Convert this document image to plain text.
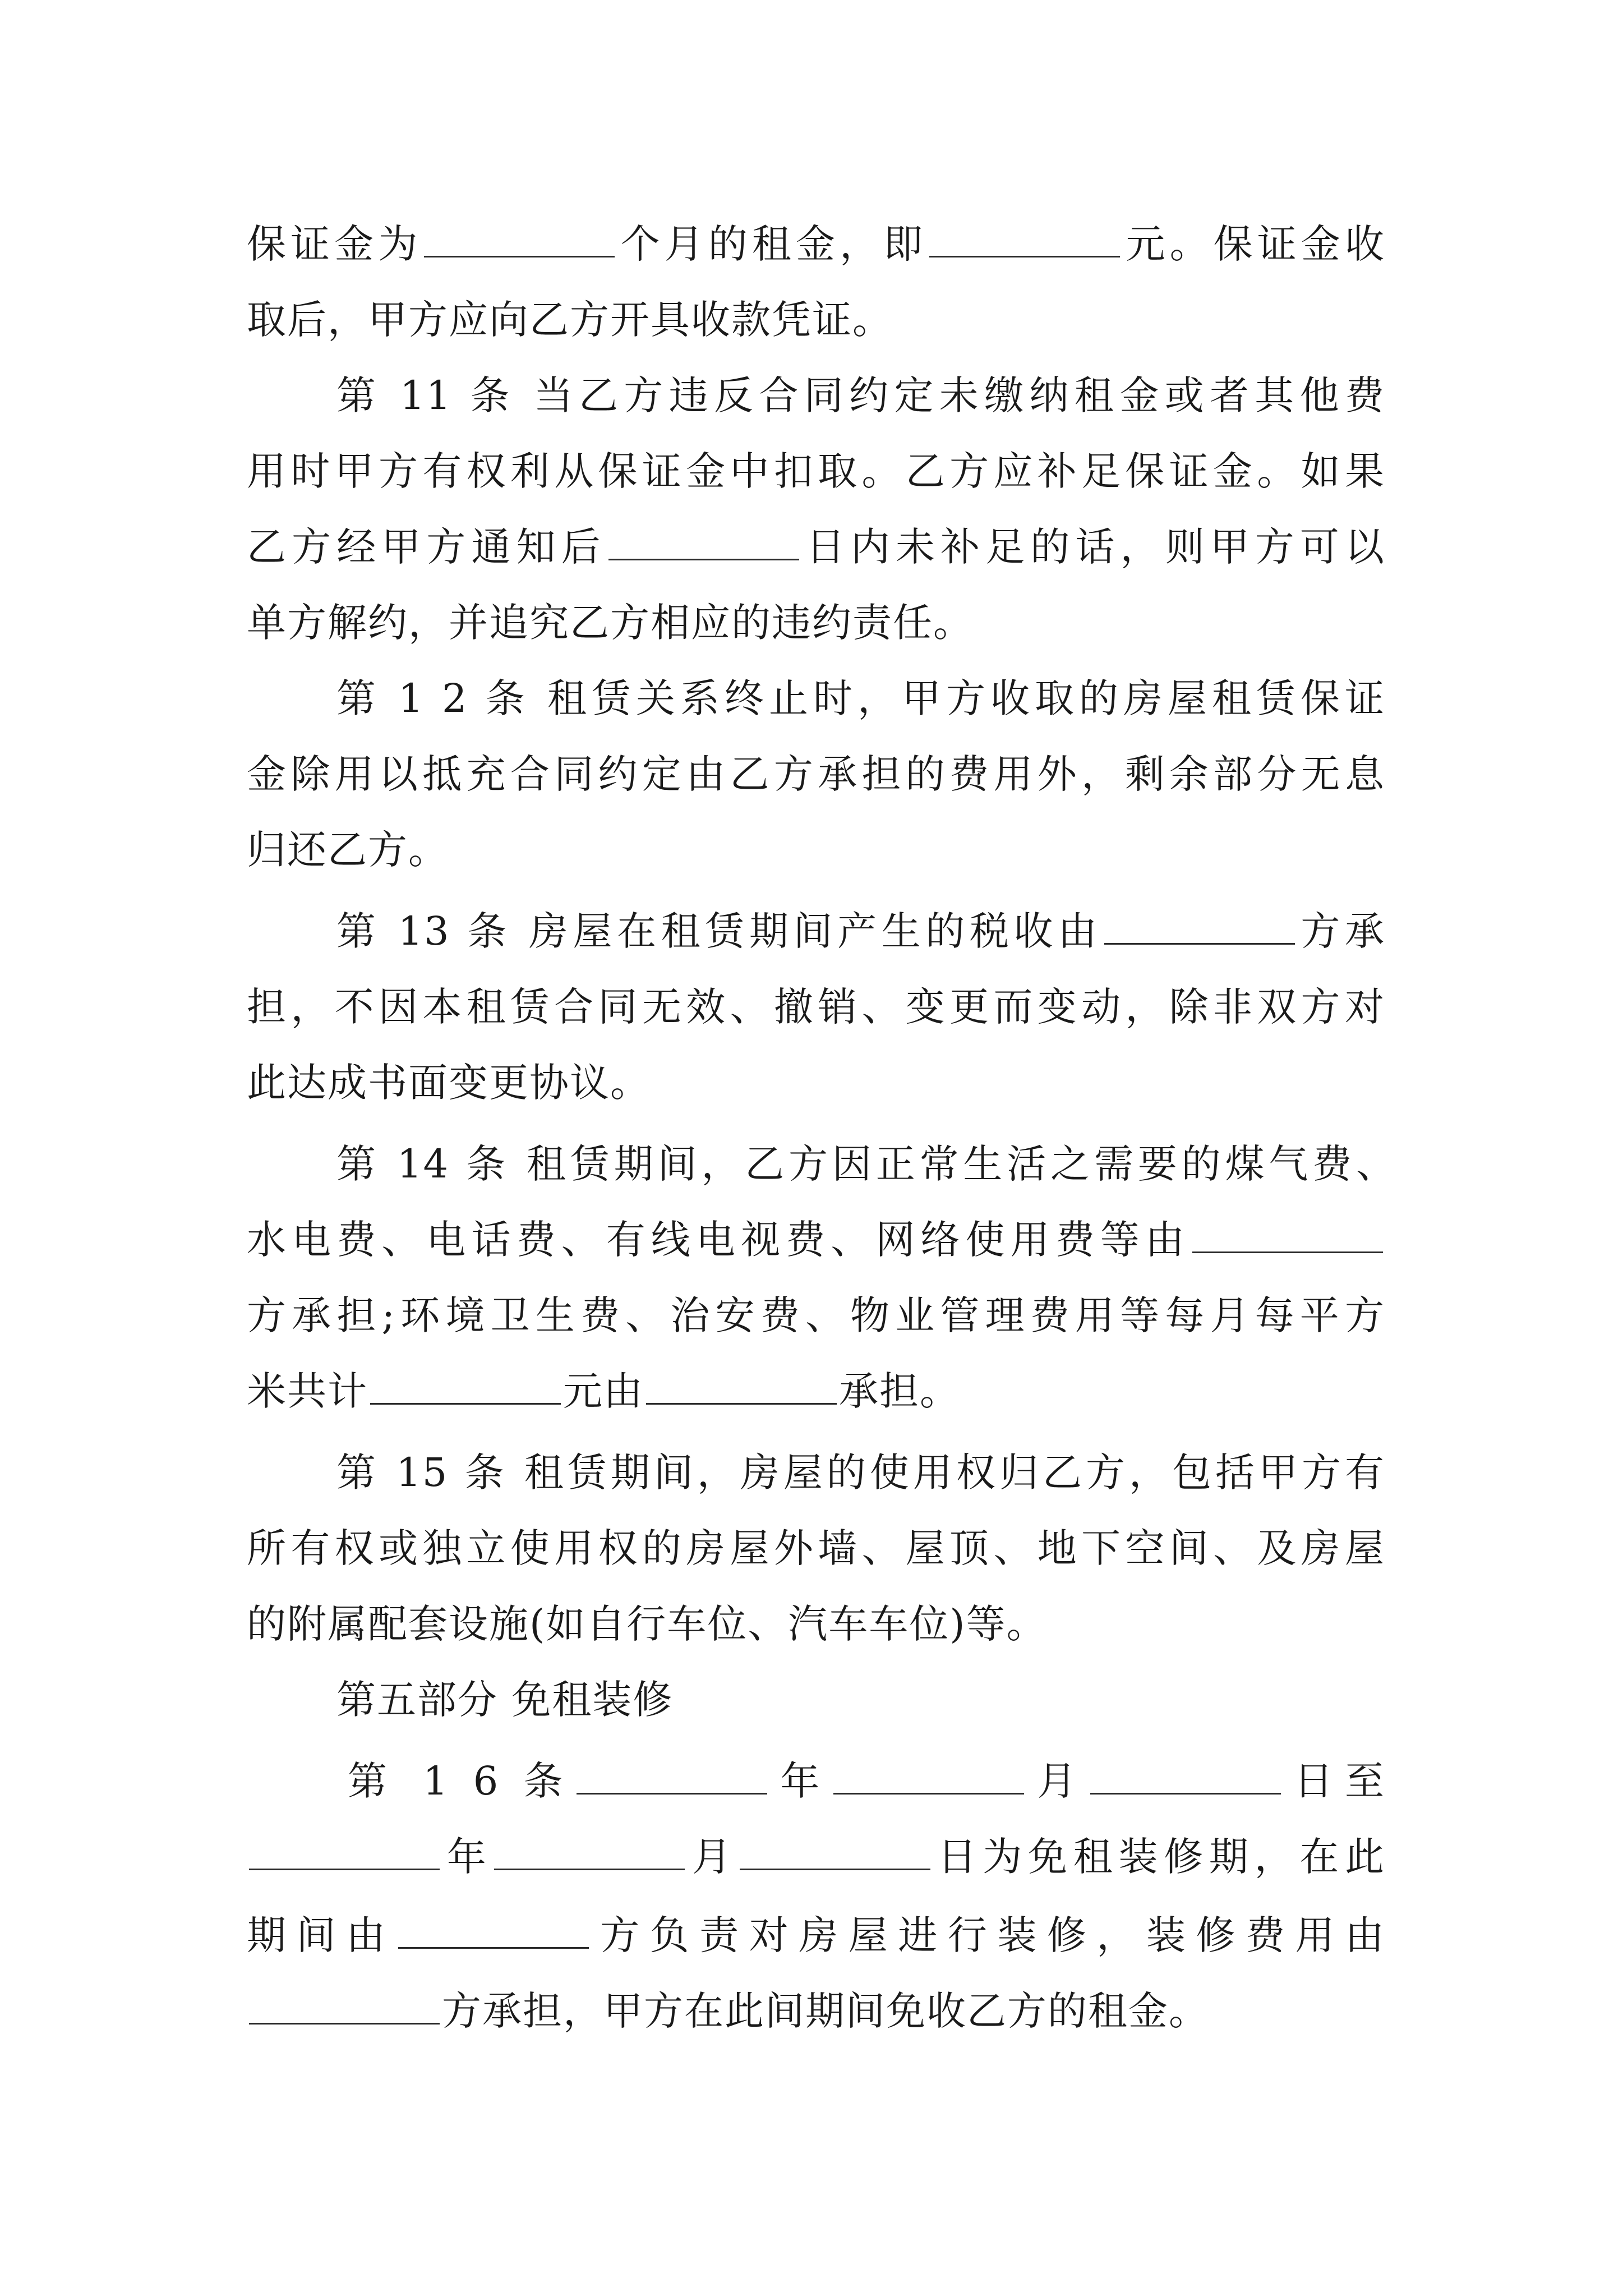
保证金为	个月的租金，即	元。保证金收
取后，甲方应向乙方开具收款凭证。
第 11 条 当乙方违反合同约定未缴纳租金或者其他费
用时甲方有权利从保证金中扣取。乙方应补足保证金。如果
乙方经甲方通知后	日内未补足的话，则甲方可以
单方解约，并追究乙方相应的违约责任。
第 1 2 条 租赁关系终止时，甲方收取的房屋租赁保证
金除用以抵充合同约定由乙方承担的费用外，剩余部分无息
归还乙方。
第 13 条 房屋在租赁期间产生的税收由	方承
担，不因本租赁合同无效、撤销、变更而变动，除非双方对
此达成书面变更协议。
第 14 条 租赁期间，乙方因正常生活之需要的煤气费、
水电费、电话费、有线电视费、网络使用费等由
方承担;环境卫生费、治安费、物业管理费用等每月每平方
米共计	元由	承担。
第 15 条 租赁期间，房屋的使用权归乙方，包括甲方有
所有权或独立使用权的房屋外墙、屋顶、地下空间、及房屋
的附属配套设施(如自行车位、汽车车位)等。
第五部分 免租装修
第 1 6 条	年	月	日至
年	月	日为免租装修期，在此
期间由	方负责对房屋进行装修，装修费用由
方承担，甲方在此间期间免收乙方的租金。
